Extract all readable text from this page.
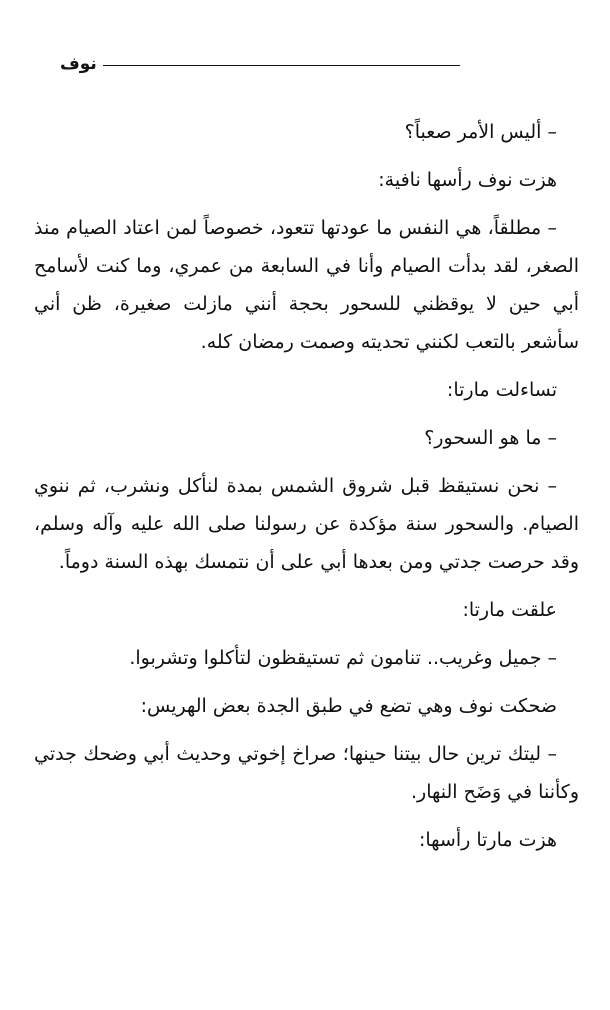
نوف

– أليس الأمر صعباً؟

هزت نوف رأسها نافية:

– مطلقاً، هي النفس ما عودتها تتعود، خصوصاً لمن اعتاد الصيام منذ الصغر، لقد بدأت الصيام وأنا في السابعة من عمري، وما كنت لأسامح أبي حين لا يوقظني للسحور بحجة أنني مازلت صغيرة، ظن أني سأشعر بالتعب لكنني تحديته وصمت رمضان كله.

تساءلت مارتا:

– ما هو السحور؟

– نحن نستيقظ قبل شروق الشمس بمدة لنأكل ونشرب، ثم ننوي الصيام. والسحور سنة مؤكدة عن رسولنا صلى الله عليه وآله وسلم، وقد حرصت جدتي ومن بعدها أبي على أن نتمسك بهذه السنة دوماً.

علقت مارتا:

– جميل وغريب.. تنامون ثم تستيقظون لتأكلوا وتشربوا.

ضحكت نوف وهي تضع في طبق الجدة بعض الهريس:

– ليتك ترين حال بيتنا حينها؛ صراخ إخوتي وحديث أبي وضحك جدتي وكأننا في وَضَح النهار.

هزت مارتا رأسها:
